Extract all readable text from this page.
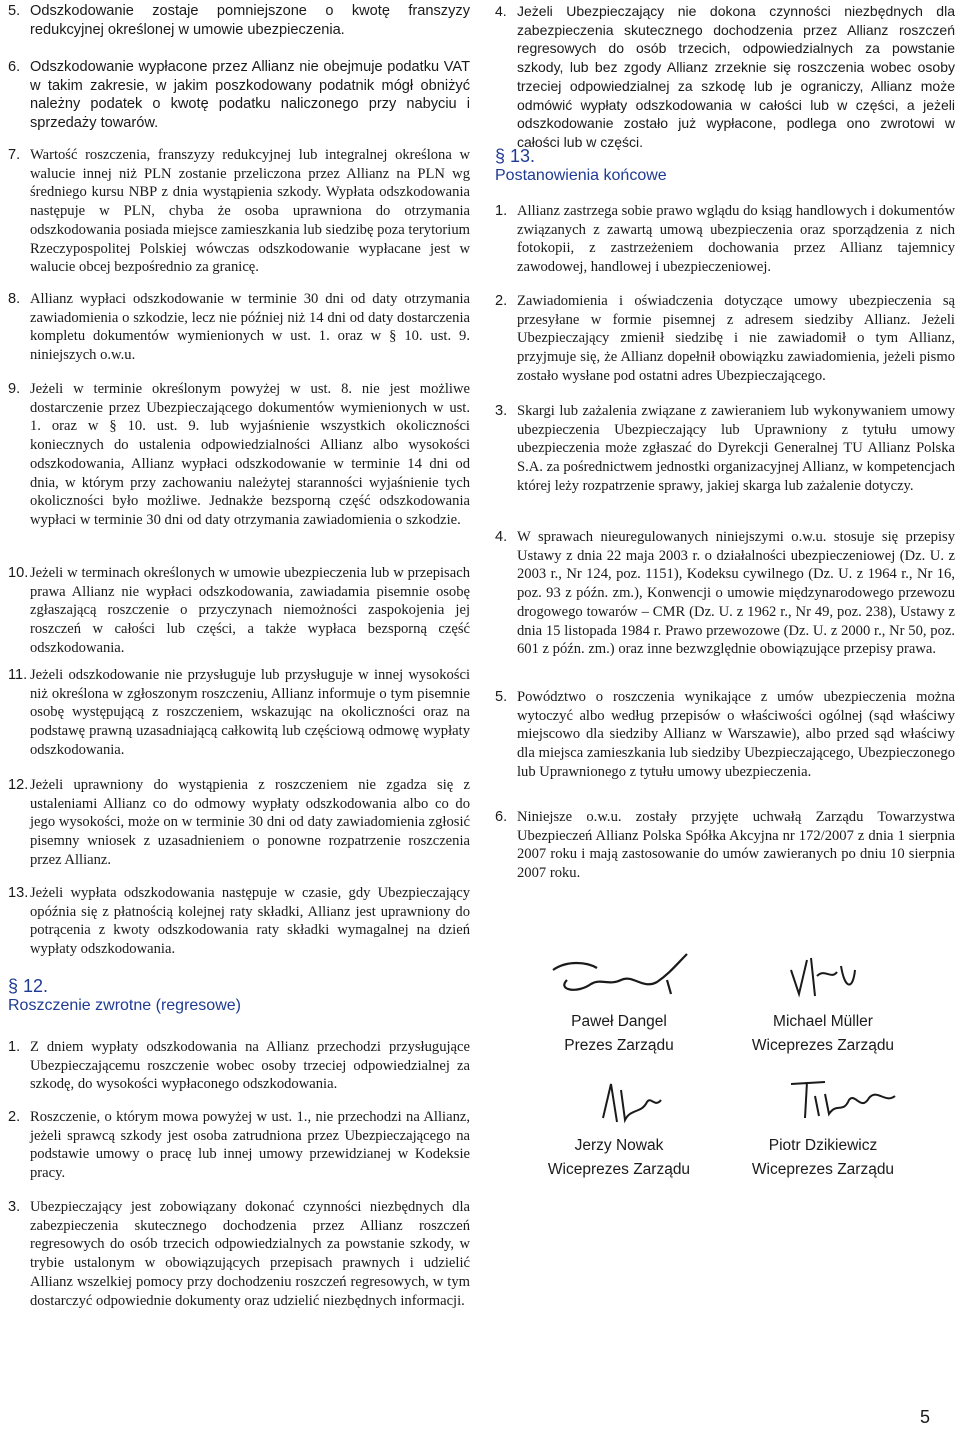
5. Odszkodowanie zostaje pomniejszone o kwotę franszyzy redukcyjnej określonej w umowie ubezpieczenia.

6. Odszkodowanie wypłacone przez Allianz nie obejmuje podatku VAT w takim zakresie, w jakim poszkodowany podatnik mógł obniżyć należny podatek o kwotę podatku naliczonego przy nabyciu i sprzedaży towarów.

7. Wartość roszczenia, franszyzy redukcyjnej lub integralnej określona w walucie innej niż PLN zostanie przeliczona przez Allianz na PLN wg średniego kursu NBP z dnia wystąpienia szkody. Wypłata odszkodowania następuje w PLN, chyba że osoba uprawniona do otrzymania odszkodowania posiada miejsce zamieszkania lub siedzibę poza terytorium Rzeczypospolitej Polskiej wówczas odszkodowanie wypłacane jest w walucie obcej bezpośrednio za granicę.

8. Allianz wypłaci odszkodowanie w terminie 30 dni od daty otrzymania zawiadomienia o szkodzie, lecz nie później niż 14 dni od daty dostarczenia kompletu dokumentów wymienionych w ust. 1. oraz w § 10. ust. 9. niniejszych o.w.u.

9. Jeżeli w terminie określonym powyżej w ust. 8. nie jest możliwe dostarczenie przez Ubezpieczającego dokumentów wymienionych w ust. 1. oraz w § 10. ust. 9. lub wyjaśnienie wszystkich okoliczności koniecznych do ustalenia odpowiedzialności Allianz albo wysokości odszkodowania, Allianz wypłaci odszkodowanie w terminie 14 dni od dnia, w którym przy zachowaniu należytej staranności wyjaśnienie tych okoliczności było możliwe. Jednakże bezsporną część odszkodowania wypłaci w terminie 30 dni od daty otrzymania zawiadomienia o szkodzie.

10. Jeżeli w terminach określonych w umowie ubezpieczenia lub w przepisach prawa Allianz nie wypłaci odszkodowania, zawiadamia pisemnie osobę zgłaszającą roszczenie o przyczynach niemożności zaspokojenia jej roszczeń w całości lub części, a także wypłaca bezsporną część odszkodowania.

11. Jeżeli odszkodowanie nie przysługuje lub przysługuje w innej wysokości niż określona w zgłoszonym roszczeniu, Allianz informuje o tym pisemnie osobę występującą z roszczeniem, wskazując na okoliczności oraz na podstawę prawną uzasadniającą całkowitą lub częściową odmowę wypłaty odszkodowania.

12. Jeżeli uprawniony do wystąpienia z roszczeniem nie zgadza się z ustaleniami Allianz co do odmowy wypłaty odszkodowania albo co do jego wysokości, może on w terminie 30 dni od daty zawiadomienia zgłosić pisemny wniosek z uzasadnieniem o ponowne rozpatrzenie roszczenia przez Allianz.

13. Jeżeli wypłata odszkodowania następuje w czasie, gdy Ubezpieczający opóźnia się z płatnością kolejnej raty składki, Allianz jest uprawniony do potrącenia z kwoty odszkodowania raty składki wymagalnej na dzień wypłaty odszkodowania.

§ 12.
Roszczenie zwrotne (regresowe)

1. Z dniem wypłaty odszkodowania na Allianz przechodzi przysługujące Ubezpieczającemu roszczenie wobec osoby trzeciej odpowiedzialnej za szkodę, do wysokości wypłaconego odszkodowania.

2. Roszczenie, o którym mowa powyżej w ust. 1., nie przechodzi na Allianz, jeżeli sprawcą szkody jest osoba zatrudniona przez Ubezpieczającego na podstawie umowy o pracę lub innej umowy przewidzianej w Kodeksie pracy.

3. Ubezpieczający jest zobowiązany dokonać czynności niezbędnych dla zabezpieczenia skutecznego dochodzenia przez Allianz roszczeń regresowych do osób trzecich odpowiedzialnych za powstanie szkody, w trybie ustalonym w obowiązujących przepisach prawnych i udzielić Allianz wszelkiej pomocy przy dochodzeniu roszczeń regresowych, w tym dostarczyć odpowiednie dokumenty oraz udzielić niezbędnych informacji.

4. Jeżeli Ubezpieczający nie dokona czynności niezbędnych dla zabezpieczenia skutecznego dochodzenia przez Allianz roszczeń regresowych do osób trzecich, odpowiedzialnych za powstanie szkody, lub bez zgody Allianz zrzeknie się roszczenia wobec osoby trzeciej odpowiedzialnej za szkodę lub je ograniczy, Allianz może odmówić wypłaty odszkodowania w całości lub w części, a jeżeli odszkodowanie zostało już wypłacone, podlega ono zwrotowi w całości lub w części.

§ 13.
Postanowienia końcowe

1. Allianz zastrzega sobie prawo wglądu do ksiąg handlowych i dokumentów związanych z zawartą umową ubezpieczenia oraz sporządzenia z nich fotokopii, z zastrzeżeniem dochowania przez Allianz tajemnicy zawodowej, handlowej i ubezpieczeniowej.

2. Zawiadomienia i oświadczenia dotyczące umowy ubezpieczenia są przesyłane w formie pisemnej z adresem siedziby Allianz. Jeżeli Ubezpieczający zmienił siedzibę i nie zawiadomił o tym Allianz, przyjmuje się, że Allianz dopełnił obowiązku zawiadomienia, jeżeli pismo zostało wysłane pod ostatni adres Ubezpieczającego.

3. Skargi lub zażalenia związane z zawieraniem lub wykonywaniem umowy ubezpieczenia Ubezpieczający lub Uprawniony z tytułu umowy ubezpieczenia może zgłaszać do Dyrekcji Generalnej TU Allianz Polska S.A. za pośrednictwem jednostki organizacyjnej Allianz, w kompetencjach której leży rozpatrzenie sprawy, jakiej skarga lub zażalenie dotyczy.

4. W sprawach nieuregulowanych niniejszymi o.w.u. stosuje się przepisy Ustawy z dnia 22 maja 2003 r. o działalności ubezpieczeniowej (Dz. U. z 2003 r., Nr 124, poz. 1151), Kodeksu cywilnego (Dz. U. z 1964 r., Nr 16, poz. 93 z późn. zm.), Konwencji o umowie międzynarodowego przewozu drogowego towarów – CMR (Dz. U. z 1962 r., Nr 49, poz. 238), Ustawy z dnia 15 listopada 1984 r. Prawo przewozowe (Dz. U. z 2000 r., Nr 50, poz. 601 z późn. zm.) oraz inne bezwzględnie obowiązujące przepisy prawa.

5. Powództwo o roszczenia wynikające z umów ubezpieczenia można wytoczyć albo według przepisów o właściwości ogólnej (sąd właściwy miejscowo dla siedziby Allianz w Warszawie), albo przed sąd właściwy dla miejsca zamieszkania lub siedziby Ubezpieczającego, Ubezpieczonego lub Uprawnionego z tytułu umowy ubezpieczenia.

6. Niniejsze o.w.u. zostały przyjęte uchwałą Zarządu Towarzystwa Ubezpieczeń Allianz Polska Spółka Akcyjna nr 172/2007 z dnia 1 sierpnia 2007 roku i mają zastosowanie do umów zawieranych po dniu 10 sierpnia 2007 roku.

Paweł Dangel
Prezes Zarządu
Michael Müller
Wiceprezes Zarządu
Jerzy Nowak
Wiceprezes Zarządu
Piotr Dzikiewicz
Wiceprezes Zarządu
5
